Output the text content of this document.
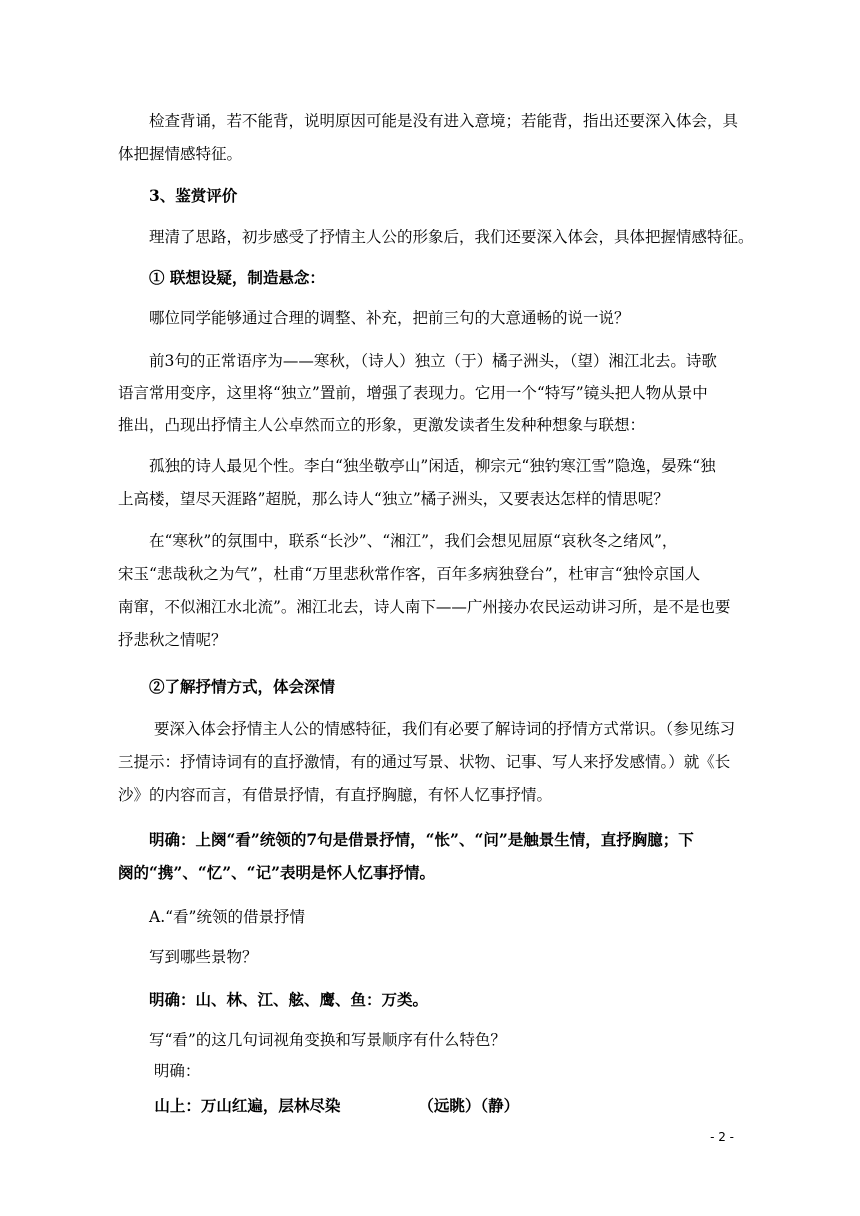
　　检查背诵，若不能背，说明原因可能是没有进入意境；若能背，指出还要深入体会，具

体把握情感特征。

　　3、鉴赏评价

　　理清了思路，初步感受了抒情主人公的形象后，我们还要深入体会，具体把握情感特征。

　　① 联想设疑，制造悬念：

　　哪位同学能够通过合理的调整、补充，把前三句的大意通畅的说一说？

　　前3句的正常语序为——寒秋，（诗人）独立（于）橘子洲头，（望）湘江北去。诗歌

语言常用变序，这里将“独立”置前，增强了表现力。它用一个“特写”镜头把人物从景中

推出，凸现出抒情主人公卓然而立的形象，更激发读者生发种种想象与联想：

　　孤独的诗人最见个性。李白“独坐敬亭山”闲适，柳宗元“独钓寒江雪”隐逸，晏殊“独

上高楼，望尽天涯路”超脱，那么诗人“独立”橘子洲头，又要表达怎样的情思呢？

　　在“寒秋”的氛围中，联系“长沙”、“湘江”，我们会想见屈原“哀秋冬之绪风”，

宋玉“悲哉秋之为气”，杜甫“万里悲秋常作客，百年多病独登台”，杜审言“独怜京国人

南窜，不似湘江水北流”。湘江北去，诗人南下——广州接办农民运动讲习所，是不是也要

抒悲秋之情呢？

　　②了解抒情方式，体会深情

　　 要深入体会抒情主人公的情感特征，我们有必要了解诗词的抒情方式常识。（参见练习

三提示：抒情诗词有的直抒激情，有的通过写景、状物、记事、写人来抒发感情。）就《长

沙》的内容而言，有借景抒情，有直抒胸臆，有怀人忆事抒情。

　　明确：上阕“看”统领的7句是借景抒情，“怅”、“问”是触景生情，直抒胸臆；下

阕的“携”、“忆”、“记”表明是怀人忆事抒情。

　　A.“看”统领的借景抒情

　　写到哪些景物？

　　明确：山、林、江、舷、鹰、鱼：万类。

　　写“看”的这几句词视角变换和写景顺序有什么特色？

　　 明确：

　　 山上：万山红遍，层林尽染	（远眺）（静）

- 2 -
